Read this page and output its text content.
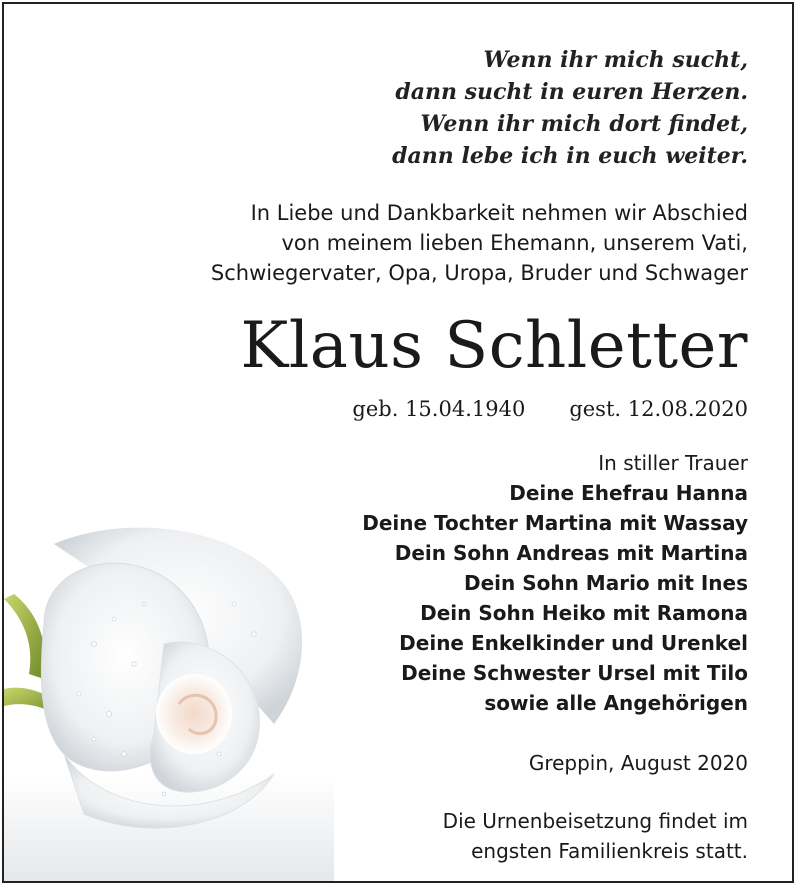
Wenn ihr mich sucht,
dann sucht in euren Herzen.
Wenn ihr mich dort findet,
dann lebe ich in euch weiter.
In Liebe und Dankbarkeit nehmen wir Abschied
von meinem lieben Ehemann, unserem Vati,
Schwiegervater, Opa, Uropa, Bruder und Schwager
Klaus Schletter
geb. 15.04.1940 gest. 12.08.2020
In stiller Trauer
Deine Ehefrau Hanna
Deine Tochter Martina mit Wassay
Dein Sohn Andreas mit Martina
Dein Sohn Mario mit Ines
Dein Sohn Heiko mit Ramona
Deine Enkelkinder und Urenkel
Deine Schwester Ursel mit Tilo
sowie alle Angehörigen
Greppin, August 2020
Die Urnenbeisetzung findet im
engsten Familienkreis statt.
